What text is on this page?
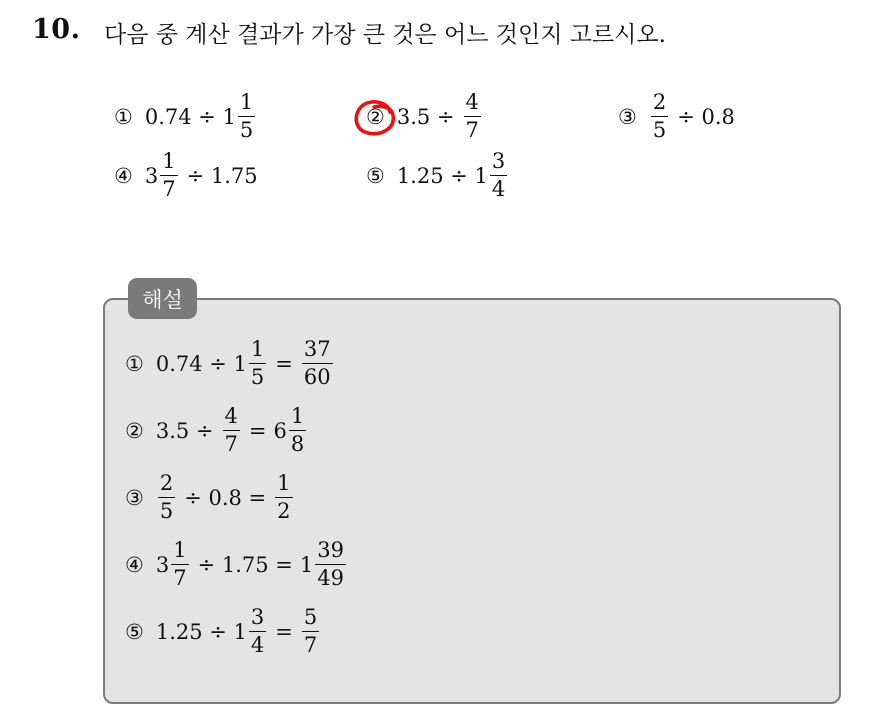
10. 다음 중 계산 결과가 가장 큰 것은 어느 것인지 고르시오.
① $0.74 \div 1 \frac{1}{5}$	② $3.5 \div \frac{4}{7}$	③ $\frac{2}{5} \div 0.8$
④ $3 \frac{1}{7} \div 1.75$	⑤ $1.25 \div 1 \frac{3}{4}$
해설
① $0.74 \div 1 \frac{1}{5} = \frac{37}{60}$
② $3.5 \div \frac{4}{7} = 6 \frac{1}{8}$
③ $\frac{2}{5} \div 0.8 = \frac{1}{2}$
④ $3 \frac{1}{7} \div 1.75 = 1 \frac{39}{49}$
⑤ $1.25 \div 1 \frac{3}{4} = \frac{5}{7}$
